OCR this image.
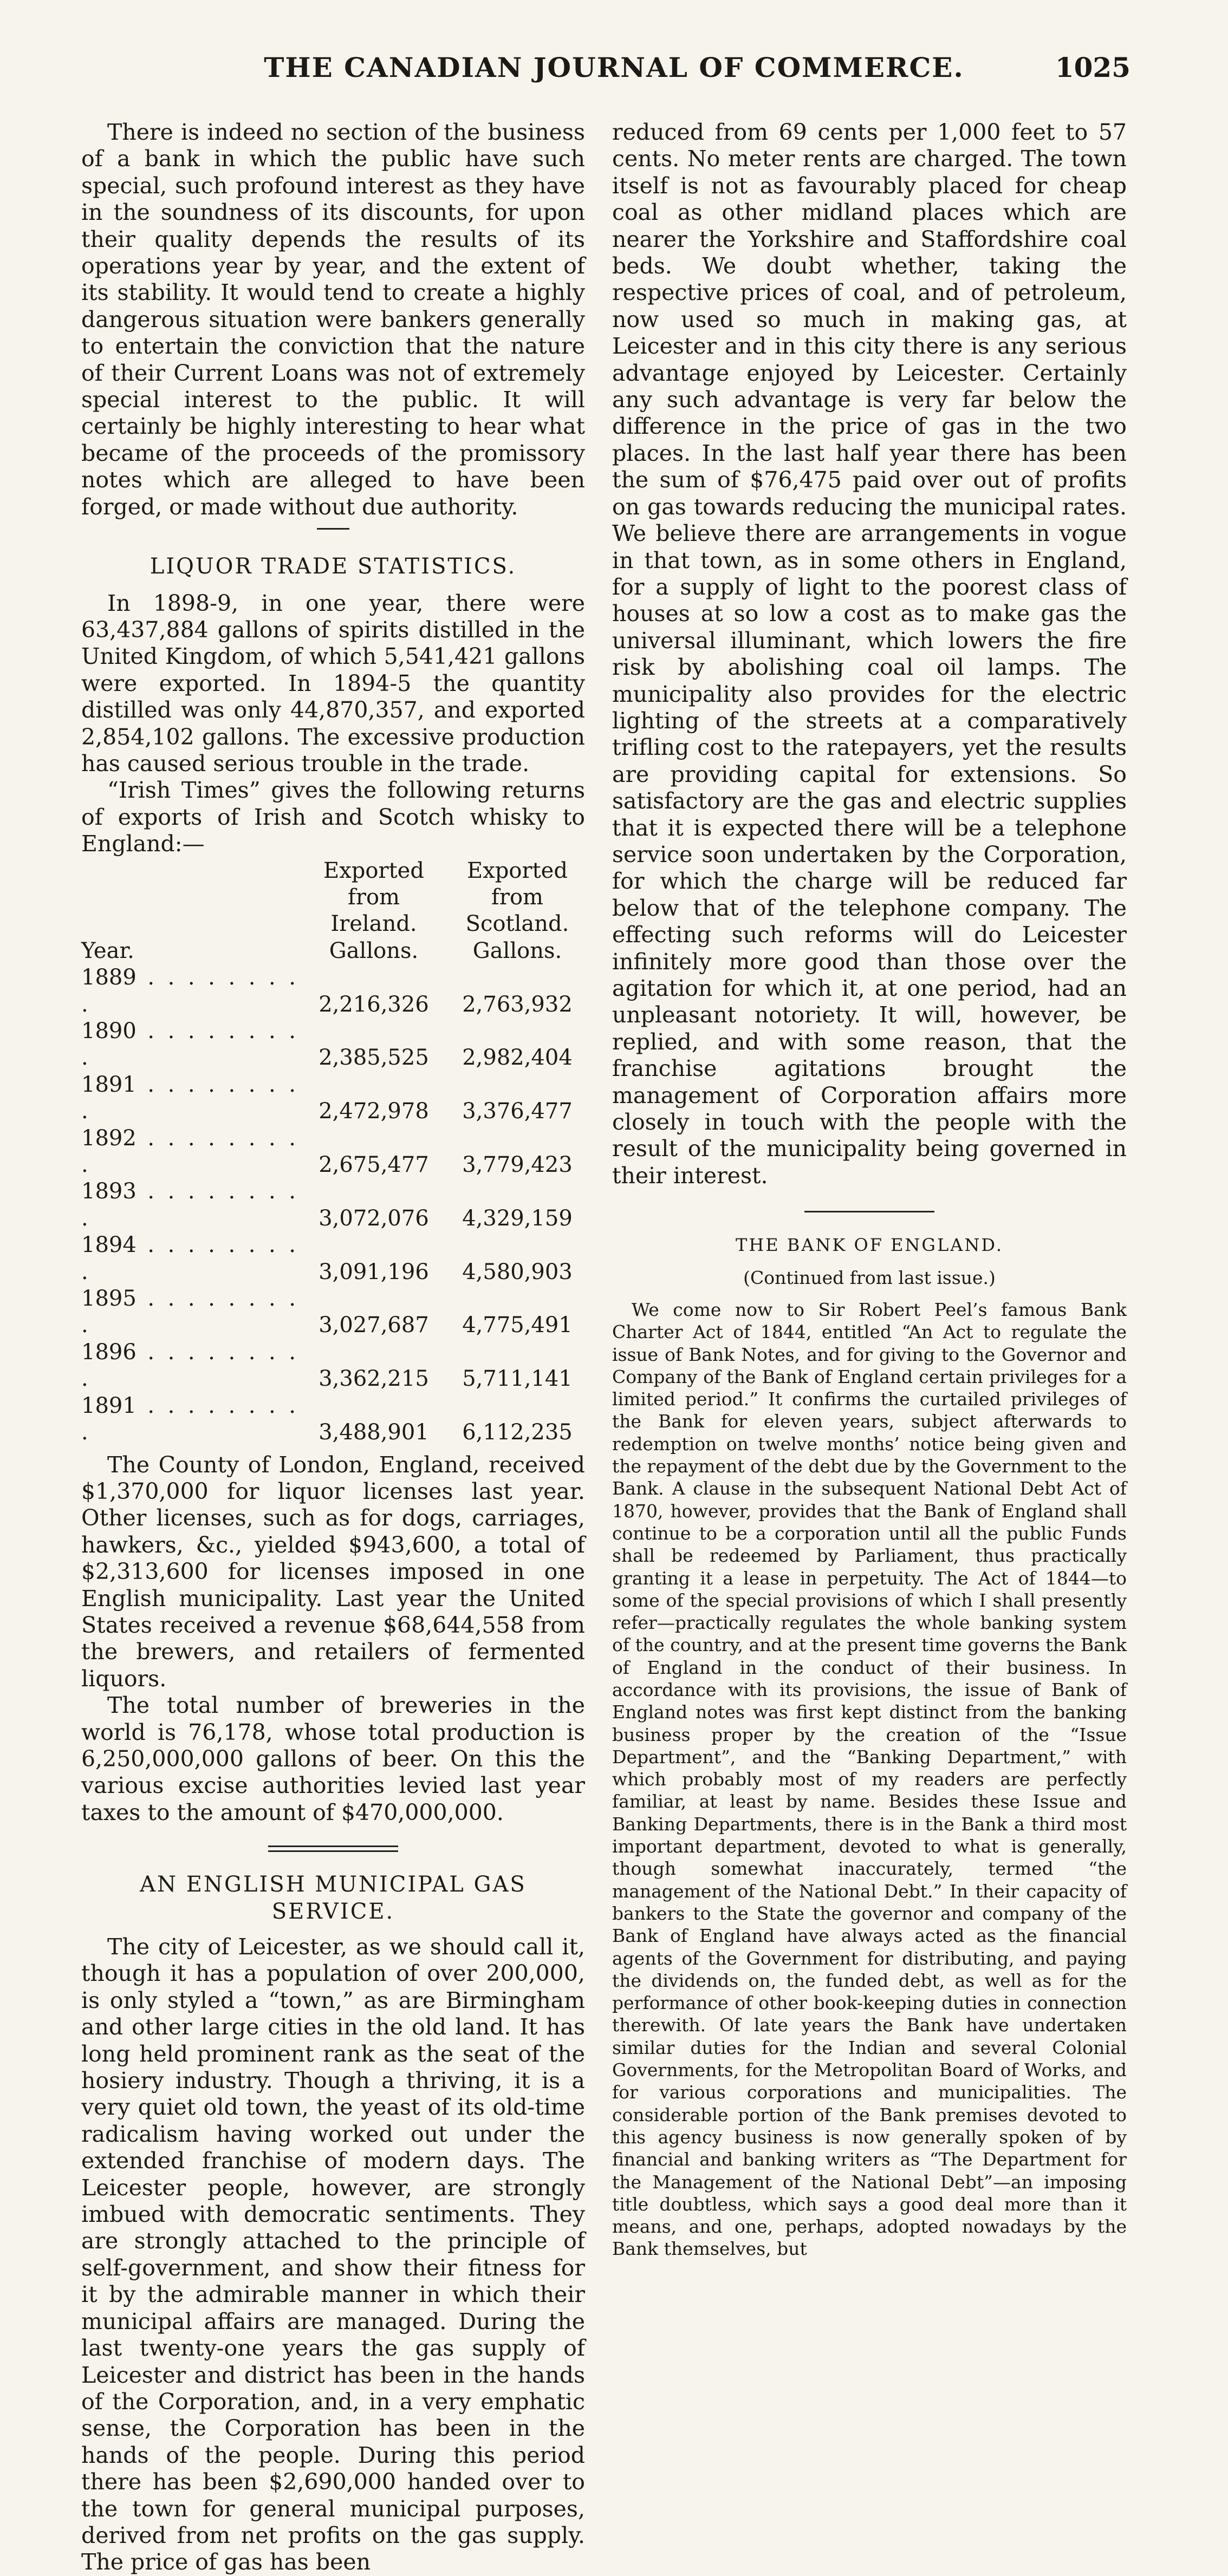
THE CANADIAN JOURNAL OF COMMERCE.	1025

There is indeed no section of the business of a bank in which the public have such special, such profound interest as they have in the soundness of its discounts, for upon their quality depends the results of its operations year by year, and the extent of its stability. It would tend to create a highly dangerous situation were bankers generally to entertain the conviction that the nature of their Current Loans was not of extremely special interest to the public. It will certainly be highly interesting to hear what became of the proceeds of the promissory notes which are alleged to have been forged, or made without due authority.

LIQUOR TRADE STATISTICS.

In 1898-9, in one year, there were 63,437,884 gallons of spirits distilled in the United Kingdom, of which 5,541,421 gallons were exported. In 1894-5 the quantity distilled was only 44,870,357, and exported 2,854,102 gallons. The excessive production has caused serious trouble in the trade.

“Irish Times” gives the following returns of exports of Irish and Scotch whisky to England:—

	Exported from	Exported from
	Ireland.	Scotland.
Year.	Gallons.	Gallons.
1889 . . . . . . . . .	2,216,326	2,763,932
1890 . . . . . . . . .	2,385,525	2,982,404
1891 . . . . . . . . .	2,472,978	3,376,477
1892 . . . . . . . . .	2,675,477	3,779,423
1893 . . . . . . . . .	3,072,076	4,329,159
1894 . . . . . . . . .	3,091,196	4,580,903
1895 . . . . . . . . .	3,027,687	4,775,491
1896 . . . . . . . . .	3,362,215	5,711,141
1891 . . . . . . . . .	3,488,901	6,112,235

The County of London, England, received $1,370,000 for liquor licenses last year. Other licenses, such as for dogs, carriages, hawkers, &c., yielded $943,600, a total of $2,313,600 for licenses imposed in one English municipality. Last year the United States received a revenue $68,644,558 from the brewers, and retailers of fermented liquors.

The total number of breweries in the world is 76,178, whose total production is 6,250,000,000 gallons of beer. On this the various excise authorities levied last year taxes to the amount of $470,000,000.

AN ENGLISH MUNICIPAL GAS SERVICE.

The city of Leicester, as we should call it, though it has a population of over 200,000, is only styled a “town,” as are Birmingham and other large cities in the old land. It has long held prominent rank as the seat of the hosiery industry. Though a thriving, it is a very quiet old town, the yeast of its old-time radicalism having worked out under the extended franchise of modern days. The Leicester people, however, are strongly imbued with democratic sentiments. They are strongly attached to the principle of self-government, and show their fitness for it by the admirable manner in which their municipal affairs are managed. During the last twenty-one years the gas supply of Leicester and district has been in the hands of the Corporation, and, in a very emphatic sense, the Corporation has been in the hands of the people. During this period there has been $2,690,000 handed over to the town for general municipal purposes, derived from net profits on the gas supply. The price of gas has been

reduced from 69 cents per 1,000 feet to 57 cents. No meter rents are charged. The town itself is not as favourably placed for cheap coal as other midland places which are nearer the Yorkshire and Staffordshire coal beds. We doubt whether, taking the respective prices of coal, and of petroleum, now used so much in making gas, at Leicester and in this city there is any serious advantage enjoyed by Leicester. Certainly any such advantage is very far below the difference in the price of gas in the two places. In the last half year there has been the sum of $76,475 paid over out of profits on gas towards reducing the municipal rates. We believe there are arrangements in vogue in that town, as in some others in England, for a supply of light to the poorest class of houses at so low a cost as to make gas the universal illuminant, which lowers the fire risk by abolishing coal oil lamps. The municipality also provides for the electric lighting of the streets at a comparatively trifling cost to the ratepayers, yet the results are providing capital for extensions. So satisfactory are the gas and electric supplies that it is expected there will be a telephone service soon undertaken by the Corporation, for which the charge will be reduced far below that of the telephone company. The effecting such reforms will do Leicester infinitely more good than those over the agitation for which it, at one period, had an unpleasant notoriety. It will, however, be replied, and with some reason, that the franchise agitations brought the management of Corporation affairs more closely in touch with the people with the result of the municipality being governed in their interest.

THE BANK OF ENGLAND.

(Continued from last issue.)

We come now to Sir Robert Peel’s famous Bank Charter Act of 1844, entitled “An Act to regulate the issue of Bank Notes, and for giving to the Governor and Company of the Bank of England certain privileges for a limited period.” It confirms the curtailed privileges of the Bank for eleven years, subject afterwards to redemption on twelve months’ notice being given and the repayment of the debt due by the Government to the Bank. A clause in the subsequent National Debt Act of 1870, however, provides that the Bank of England shall continue to be a corporation until all the public Funds shall be redeemed by Parliament, thus practically granting it a lease in perpetuity. The Act of 1844—to some of the special provisions of which I shall presently refer—practically regulates the whole banking system of the country, and at the present time governs the Bank of England in the conduct of their business. In accordance with its provisions, the issue of Bank of England notes was first kept distinct from the banking business proper by the creation of the “Issue Department”, and the “Banking Department,” with which probably most of my readers are perfectly familiar, at least by name. Besides these Issue and Banking Departments, there is in the Bank a third most important department, devoted to what is generally, though somewhat inaccurately, termed “the management of the National Debt.” In their capacity of bankers to the State the governor and company of the Bank of England have always acted as the financial agents of the Government for distributing, and paying the dividends on, the funded debt, as well as for the performance of other book-keeping duties in connection therewith. Of late years the Bank have undertaken similar duties for the Indian and several Colonial Governments, for the Metropolitan Board of Works, and for various corporations and municipalities. The considerable portion of the Bank premises devoted to this agency business is now generally spoken of by financial and banking writers as “The Department for the Management of the National Debt”—an imposing title doubtless, which says a good deal more than it means, and one, perhaps, adopted nowadays by the Bank themselves, but
